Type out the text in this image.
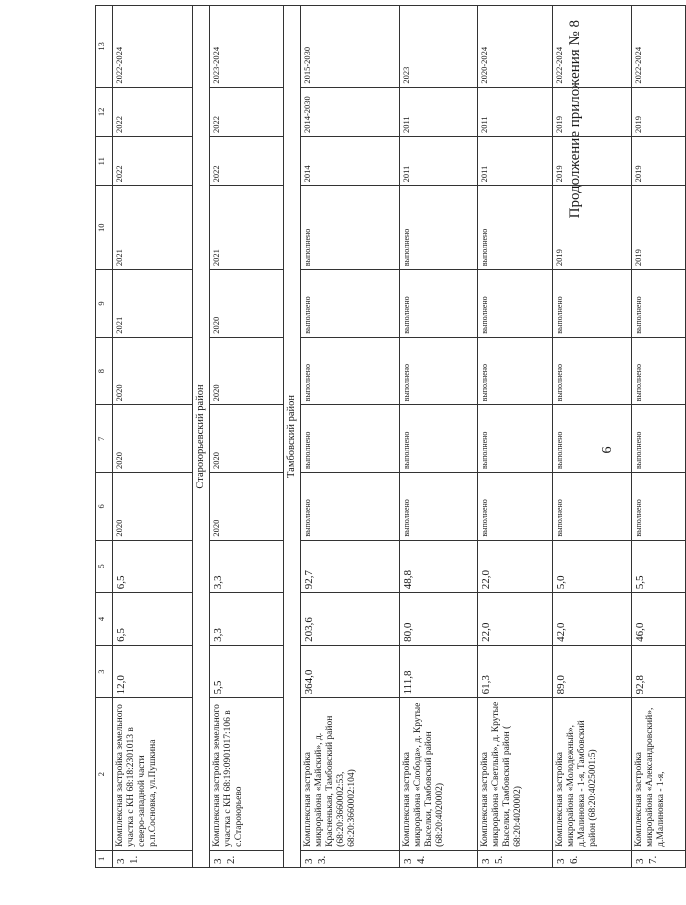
6
Продолжение приложения № 8
1	2	3	4	5	6	7	8	9	10	11	12	13
31.	Комплексная застройка земельного участка с КН 68:18:2301013 в северо-западной части р.п.Сосновка, ул.Пушкина	12,0	6,5	6,5	2020	2020	2020	2021	2021	2022	2022	2022-2024
Староюрьевский район												
32.	Комплексная застройка земельного участка с КН 68:19:0901017:106 в с.Староюрьево	5,5	3,3	3,3	2020	2020	2020	2020	2021	2022	2022	2023-2024
Тамбовский район												
33.	Комплексная застройка микрорайона «Майский», д. Красненькая, Тамбовский район (68:20:3660002:53, 68:20:3660002:104)	364,0	203,6	92,7	выполнено	выполнено	выполнено	выполнено	выполнено	2014	2014-2030	2015-2030
34.	Комплексная застройка микрорайона «Слобода», д. Крутые Выселки, Тамбовский район (68:20:4020002)	111,8	80,0	48,8	выполнено	выполнено	выполнено	выполнено	выполнено	2011	2011	2023
35.	Комплексная застройка микрорайона «Светлый», д. Крутые Выселки, Тамбовский район ( 68:20:4020002)	61,3	22,0	22,0	выполнено	выполнено	выполнено	выполнено	выполнено	2011	2011	2020-2024
36.	Комплексная застройка микрорайона «Молодежный», д.Малиновка - 1-я, Тамбовский район (68:20:4025001:5)	89,0	42,0	5,0	выполнено	выполнено	выполнено	выполнено	2019	2019	2019	2022-2024
37.	Комплексная застройка микрорайона «Александровский», д.Малиновка - 1-я,	92,8	46,0	5,5	выполнено	выполнено	выполнено	выполнено	2019	2019	2019	2022-2024
